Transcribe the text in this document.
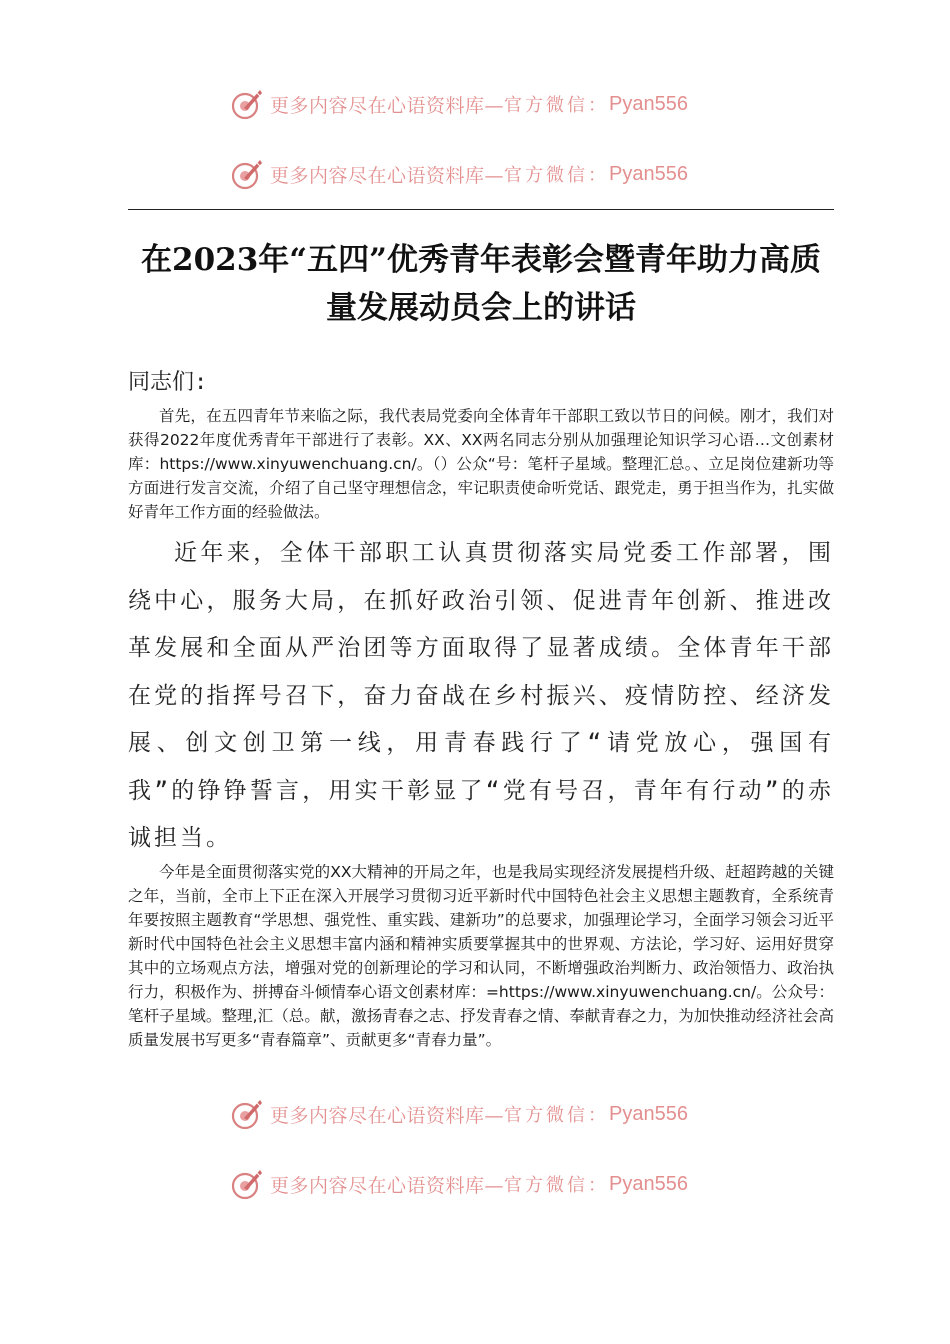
更多内容尽在心语资料库— 官方微信： Pyan556
更多内容尽在心语资料库— 官方微信： Pyan556
在2023年“五四”优秀青年表彰会暨青年助力高质量发展动员会上的讲话
同志们:

首先，在五四青年节来临之际，我代表局党委向全体青年干部职工致以节日的问候。刚才，我们对获得2022年度优秀青年干部进行了表彰。XX、XX两名同志分别从加强理论知识学习心语…文创素材库：https://www.xinyuwenchuang.cn/。（）公众“号：笔杆子星域。整理汇总。、立足岗位建新功等方面进行发言交流，介绍了自己坚守理想信念，牢记职责使命听党话、跟党走，勇于担当作为，扎实做好青年工作方面的经验做法。

近年来，全体干部职工认真贯彻落实局党委工作部署，围绕中心，服务大局，在抓好政治引领、促进青年创新、推进改革发展和全面从严治团等方面取得了显著成绩。全体青年干部在党的指挥号召下，奋力奋战在乡村振兴、疫情防控、经济发展、创文创卫第一线，用青春践行了“请党放心，强国有我”的铮铮誓言，用实干彰显了“党有号召，青年有行动”的赤诚担当。

今年是全面贯彻落实党的XX大精神的开局之年，也是我局实现经济发展提档升级、赶超跨越的关键之年，当前，全市上下正在深入开展学习贯彻习近平新时代中国特色社会主义思想主题教育，全系统青年要按照主题教育“学思想、强党性、重实践、建新功”的总要求，加强理论学习，全面学习领会习近平新时代中国特色社会主义思想丰富内涵和精神实质要掌握其中的世界观、方法论，学习好、运用好贯穿其中的立场观点方法，增强对党的创新理论的学习和认同，不断增强政治判断力、政治领悟力、政治执行力，积极作为、拼搏奋斗倾情奉心语文创素材库：=https://www.xinyuwenchuang.cn/。公众号：笔杆子星域。整理,汇（总。献，激扬青春之志、抒发青春之情、奉献青春之力，为加快推动经济社会高质量发展书写更多“青春篇章”、贡献更多“青春力量”。

更多内容尽在心语资料库— 官方微信： Pyan556
更多内容尽在心语资料库— 官方微信： Pyan556
